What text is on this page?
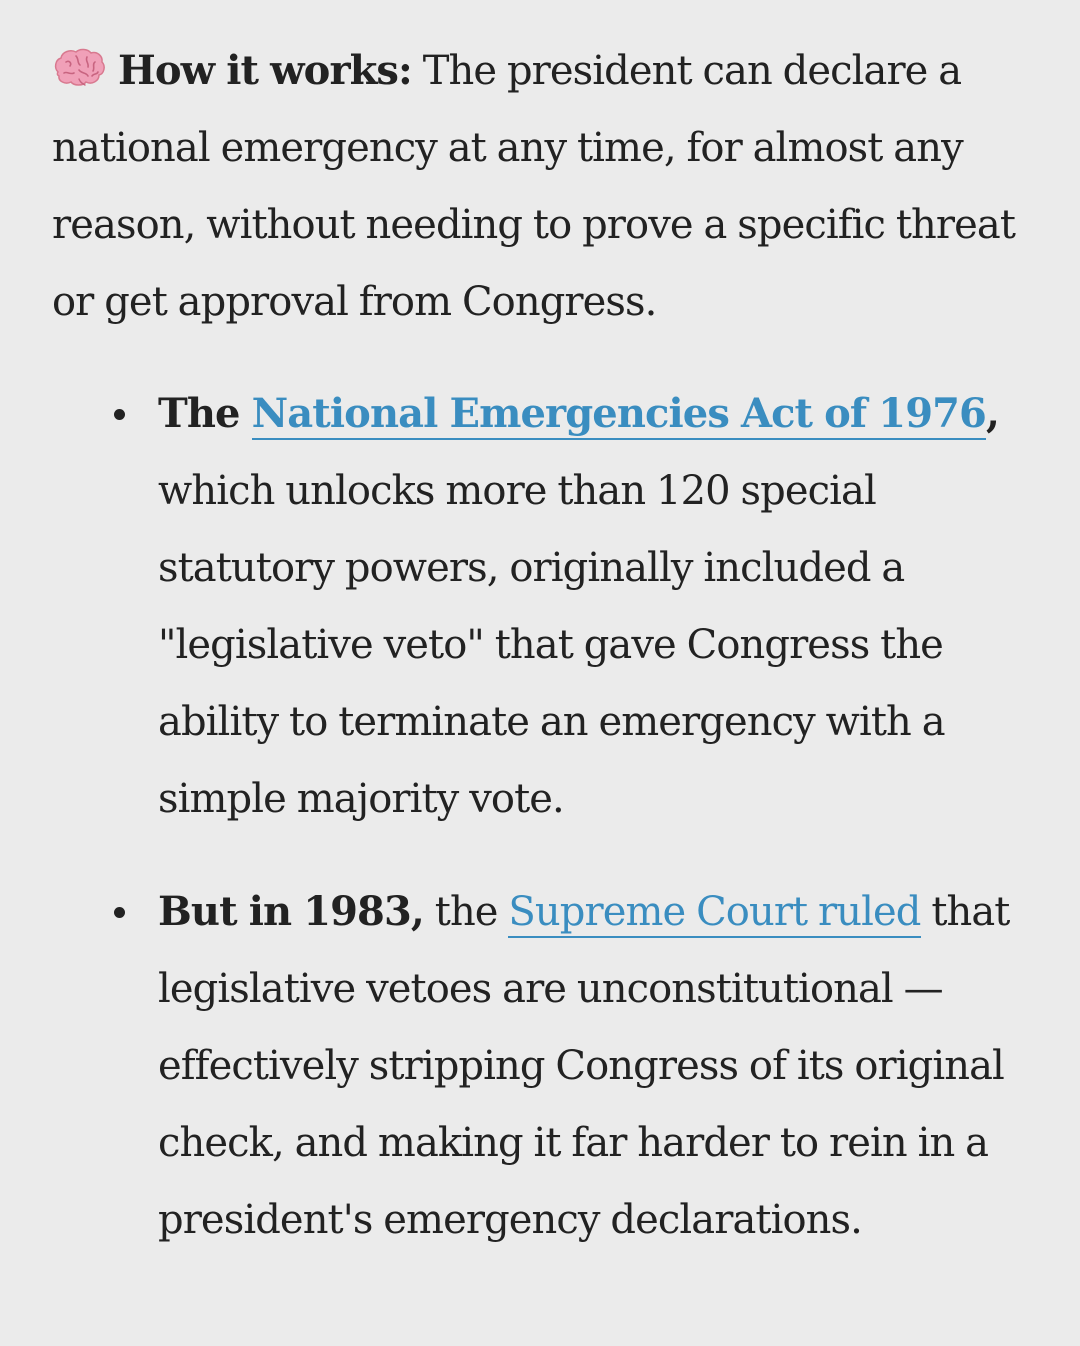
How it works: The president can declare a national emergency at any time, for almost any reason, without needing to prove a specific threat or get approval from Congress.

The National Emergencies Act of 1976, which unlocks more than 120 special statutory powers, originally included a "legislative veto" that gave Congress the ability to terminate an emergency with a simple majority vote.
But in 1983, the Supreme Court ruled that legislative vetoes are unconstitutional — effectively stripping Congress of its original check, and making it far harder to rein in a president's emergency declarations.
